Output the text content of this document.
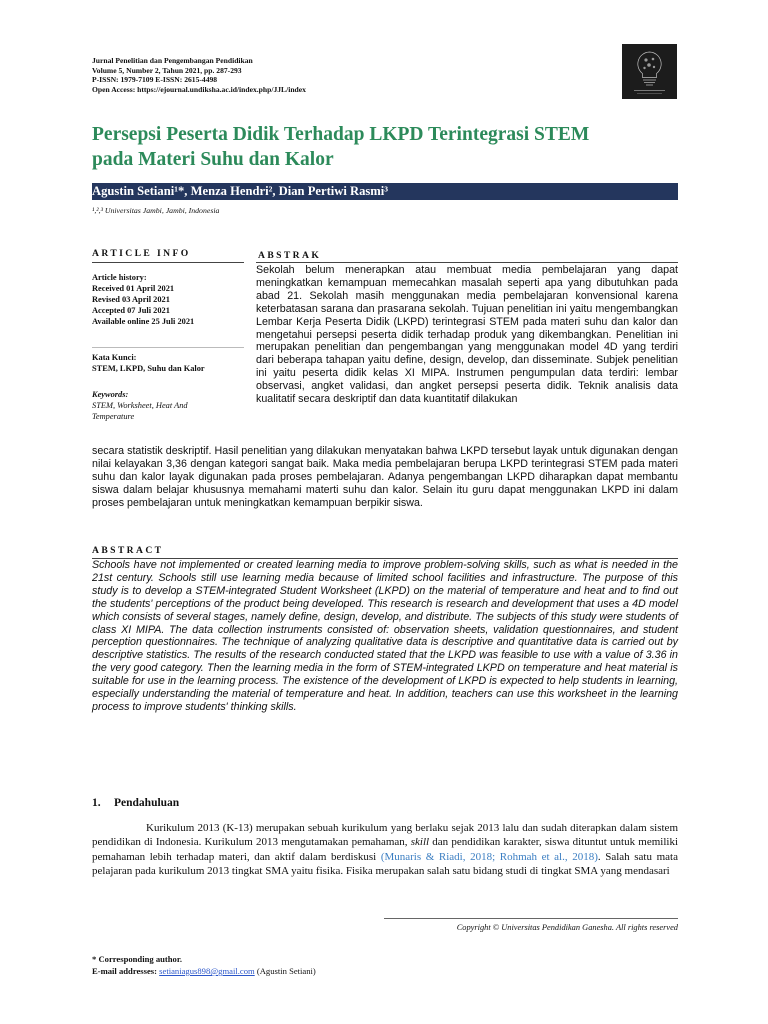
Jurnal Penelitian dan Pengembangan Pendidikan
Volume 5, Number 2, Tahun 2021, pp. 287-293
P-ISSN: 1979-7109 E-ISSN: 2615-4498
Open Access: https://ejournal.undiksha.ac.id/index.php/JJL/index
Persepsi Peserta Didik Terhadap LKPD Terintegrasi STEM
pada Materi Suhu dan Kalor
Agustin Setiani¹*, Menza Hendri², Dian Pertiwi Rasmi³
¹,²,³ Universitas Jambi, Jambi, Indonesia
ARTICLE INFO	ABSTRAK
Article history:
Received 01 April 2021
Revised 03 April 2021
Accepted 07 Juli 2021
Available online 25 Juli 2021
Kata Kunci:
STEM, LKPD, Suhu dan Kalor
Keywords:
STEM, Worksheet, Heat And
Temperature

Sekolah belum menerapkan atau membuat media pembelajaran yang dapat meningkatkan kemampuan memecahkan masalah seperti apa yang dibutuhkan pada abad 21. Sekolah masih menggunakan media pembelajaran konvensional karena keterbatasan sarana dan prasarana sekolah. Tujuan penelitian ini yaitu mengembangkan Lembar Kerja Peserta Didik (LKPD) terintegrasi STEM pada materi suhu dan kalor dan mengetahui persepsi peserta didik terhadap produk yang dikembangkan. Penelitian ini merupakan penelitian dan pengembangan yang menggunakan model 4D yang terdiri dari beberapa tahapan yaitu define, design, develop, dan disseminate. Subjek penelitian ini yaitu peserta didik kelas XI MIPA. Instrumen pengumpulan data terdiri: lembar observasi, angket validasi, dan angket persepsi peserta didik. Teknik analisis data kualitatif secara deskriptif dan data kuantitatif dilakukan

secara statistik deskriptif. Hasil penelitian yang dilakukan menyatakan bahwa LKPD tersebut layak untuk digunakan dengan nilai kelayakan 3,36 dengan kategori sangat baik. Maka media pembelajaran berupa LKPD terintegrasi STEM pada materi suhu dan kalor layak digunakan pada proses pembelajaran. Adanya pengembangan LKPD diharapkan dapat membantu siswa dalam belajar khususnya memahami materti suhu dan kalor. Selain itu guru dapat menggunakan LKPD ini dalam proses pembelajaran untuk meningkatkan kemampuan berpikir siswa.

ABSTRACT

Schools have not implemented or created learning media to improve problem-solving skills, such as what is needed in the 21st century. Schools still use learning media because of limited school facilities and infrastructure. The purpose of this study is to develop a STEM-integrated Student Worksheet (LKPD) on the material of temperature and heat and to find out the students' perceptions of the product being developed. This research is research and development that uses a 4D model which consists of several stages, namely define, design, develop, and distribute. The subjects of this study were students of class XI MIPA. The data collection instruments consisted of: observation sheets, validation questionnaires, and student perception questionnaires. The technique of analyzing qualitative data is descriptive and quantitative data is carried out by descriptive statistics. The results of the research conducted stated that the LKPD was feasible to use with a value of 3.36 in the very good category. Then the learning media in the form of STEM-integrated LKPD on temperature and heat material is suitable for use in the learning process. The existence of the development of LKPD is expected to help students in learning, especially understanding the material of temperature and heat. In addition, teachers can use this worksheet in the learning process to improve students' thinking skills.

1. Pendahuluan

Kurikulum 2013 (K-13) merupakan sebuah kurikulum yang berlaku sejak 2013 lalu dan sudah diterapkan dalam sistem pendidikan di Indonesia. Kurikulum 2013 mengutamakan pemahaman, skill dan pendidikan karakter, siswa dituntut untuk memiliki pemahaman lebih terhadap materi, dan aktif dalam berdiskusi (Munaris & Riadi, 2018; Rohmah et al., 2018). Salah satu mata pelajaran pada kurikulum 2013 tingkat SMA yaitu fisika. Fisika merupakan salah satu bidang studi di tingkat SMA yang mendasari

Copyright © Universitas Pendidikan Ganesha. All rights reserved
* Corresponding author.
E-mail addresses: setianiagus898@gmail.com (Agustin Setiani)
